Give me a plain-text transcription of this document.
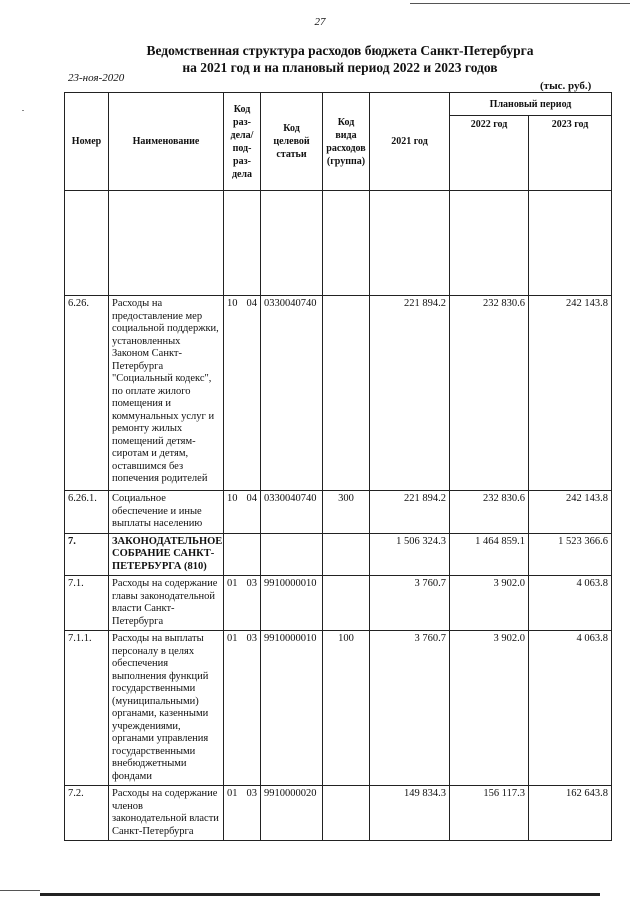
27
Ведомственная структура расходов бюджета Санкт-Петербурга
на 2021 год и на плановый период 2022 и 2023 годов
23-ноя-2020
(тыс. руб.)
Номер	Наименование	Код раз-дела/ под-раз-дела	Код целевой статьи	Код вида расходов (группа)	2021 год	Плановый период	
						2022 год	2023 год

6.26.	Расходы на предоставление мер социальной поддержки, установленных Законом Санкт-Петербурга "Социальный кодекс", по оплате жилого помещения и коммунальных услуг и ремонту жилых помещений детям-сиротам и детям, оставшимся без попечения родителей	10 04	0330040740		221 894.2	232 830.6	242 143.8
6.26.1.	Социальное обеспечение и иные выплаты населению	10 04	0330040740	300	221 894.2	232 830.6	242 143.8
7.	ЗАКОНОДАТЕЛЬНОЕ СОБРАНИЕ САНКТ-ПЕТЕРБУРГА (810)				1 506 324.3	1 464 859.1	1 523 366.6
7.1.	Расходы на содержание главы законодательной власти Санкт-Петербурга	01 03	9910000010		3 760.7	3 902.0	4 063.8
7.1.1.	Расходы на выплаты персоналу в целях обеспечения выполнения функций государственными (муниципальными) органами, казенными учреждениями, органами управления государственными внебюджетными фондами	01 03	9910000010	100	3 760.7	3 902.0	4 063.8
7.2.	Расходы на содержание членов законодательной власти Санкт-Петербурга	01 03	9910000020		149 834.3	156 117.3	162 643.8
